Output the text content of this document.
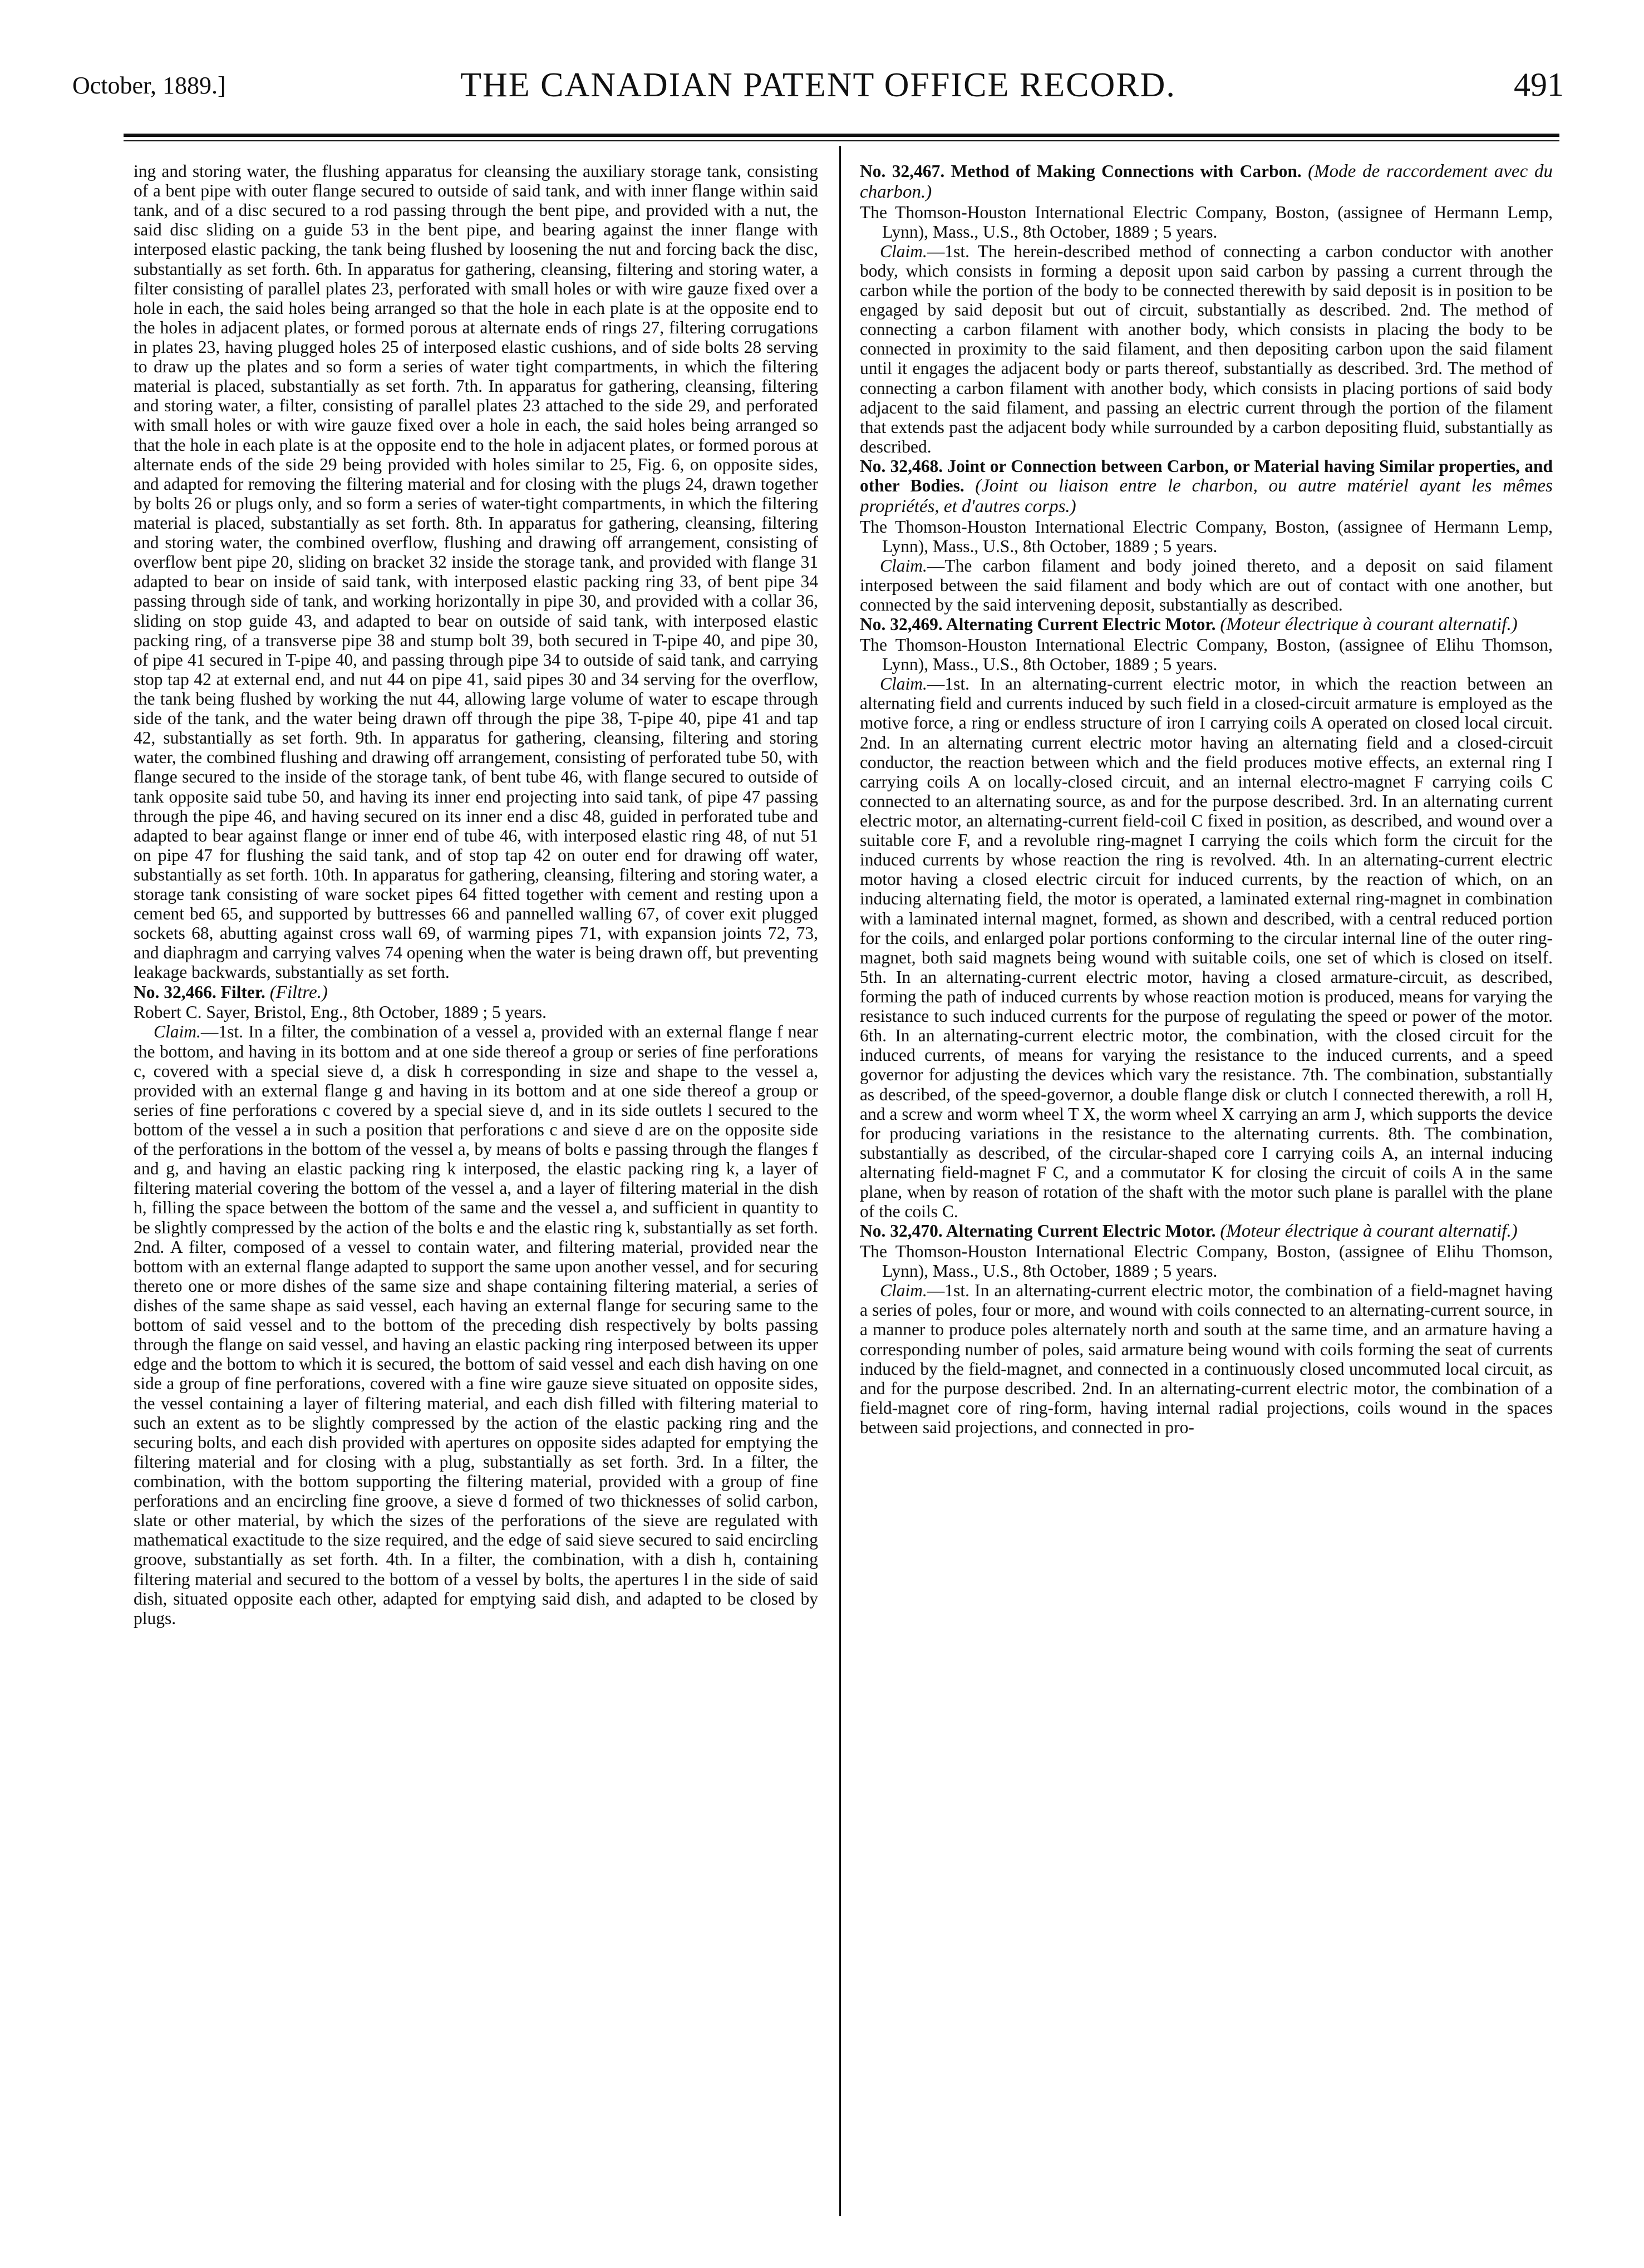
October, 1889.]	THE CANADIAN PATENT OFFICE RECORD.	491

ing and storing water, the flushing apparatus for cleansing the auxiliary storage tank, consisting of a bent pipe with outer flange secured to outside of said tank, and with inner flange within said tank, and of a disc secured to a rod passing through the bent pipe, and provided with a nut, the said disc sliding on a guide 53 in the bent pipe, and bearing against the inner flange with interposed elastic packing, the tank being flushed by loosening the nut and forcing back the disc, substantially as set forth. 6th. In apparatus for gathering, cleansing, filtering and storing water, a filter consisting of parallel plates 23, perforated with small holes or with wire gauze fixed over a hole in each, the said holes being arranged so that the hole in each plate is at the opposite end to the holes in adjacent plates, or formed porous at alternate ends of rings 27, filtering corrugations in plates 23, having plugged holes 25 of interposed elastic cushions, and of side bolts 28 serving to draw up the plates and so form a series of water tight compartments, in which the filtering material is placed, substantially as set forth. 7th. In apparatus for gathering, cleansing, filtering and storing water, a filter, consisting of parallel plates 23 attached to the side 29, and perforated with small holes or with wire gauze fixed over a hole in each, the said holes being arranged so that the hole in each plate is at the opposite end to the hole in adjacent plates, or formed porous at alternate ends of the side 29 being provided with holes similar to 25, Fig. 6, on opposite sides, and adapted for removing the filtering material and for closing with the plugs 24, drawn together by bolts 26 or plugs only, and so form a series of water-tight compartments, in which the filtering material is placed, substantially as set forth. 8th. In apparatus for gathering, cleansing, filtering and storing water, the combined overflow, flushing and drawing off arrangement, consisting of overflow bent pipe 20, sliding on bracket 32 inside the storage tank, and provided with flange 31 adapted to bear on inside of said tank, with interposed elastic packing ring 33, of bent pipe 34 passing through side of tank, and working horizontally in pipe 30, and provided with a collar 36, sliding on stop guide 43, and adapted to bear on outside of said tank, with interposed elastic packing ring, of a transverse pipe 38 and stump bolt 39, both secured in T-pipe 40, and pipe 30, of pipe 41 secured in T-pipe 40, and passing through pipe 34 to outside of said tank, and carrying stop tap 42 at external end, and nut 44 on pipe 41, said pipes 30 and 34 serving for the overflow, the tank being flushed by working the nut 44, allowing large volume of water to escape through side of the tank, and the water being drawn off through the pipe 38, T-pipe 40, pipe 41 and tap 42, substantially as set forth. 9th. In apparatus for gathering, cleansing, filtering and storing water, the combined flushing and drawing off arrangement, consisting of perforated tube 50, with flange secured to the inside of the storage tank, of bent tube 46, with flange secured to outside of tank opposite said tube 50, and having its inner end projecting into said tank, of pipe 47 passing through the pipe 46, and having secured on its inner end a disc 48, guided in perforated tube and adapted to bear against flange or inner end of tube 46, with interposed elastic ring 48, of nut 51 on pipe 47 for flushing the said tank, and of stop tap 42 on outer end for drawing off water, substantially as set forth. 10th. In apparatus for gathering, cleansing, filtering and storing water, a storage tank consisting of ware socket pipes 64 fitted together with cement and resting upon a cement bed 65, and supported by buttresses 66 and pannelled walling 67, of cover exit plugged sockets 68, abutting against cross wall 69, of warming pipes 71, with expansion joints 72, 73, and diaphragm and carrying valves 74 opening when the water is being drawn off, but preventing leakage backwards, substantially as set forth.

No. 32,466. Filter. (Filtre.)

Robert C. Sayer, Bristol, Eng., 8th October, 1889 ; 5 years.

Claim.—1st. In a filter, the combination of a vessel a, provided with an external flange f near the bottom, and having in its bottom and at one side thereof a group or series of fine perforations c, covered with a special sieve d, a disk h corresponding in size and shape to the vessel a, provided with an external flange g and having in its bottom and at one side thereof a group or series of fine perforations c covered by a special sieve d, and in its side outlets l secured to the bottom of the vessel a in such a position that perforations c and sieve d are on the opposite side of the perforations in the bottom of the vessel a, by means of bolts e passing through the flanges f and g, and having an elastic packing ring k interposed, the elastic packing ring k, a layer of filtering material covering the bottom of the vessel a, and a layer of filtering material in the dish h, filling the space between the bottom of the same and the vessel a, and sufficient in quantity to be slightly compressed by the action of the bolts e and the elastic ring k, substantially as set forth. 2nd. A filter, composed of a vessel to contain water, and filtering material, provided near the bottom with an external flange adapted to support the same upon another vessel, and for securing thereto one or more dishes of the same size and shape containing filtering material, a series of dishes of the same shape as said vessel, each having an external flange for securing same to the bottom of said vessel and to the bottom of the preceding dish respectively by bolts passing through the flange on said vessel, and having an elastic packing ring interposed between its upper edge and the bottom to which it is secured, the bottom of said vessel and each dish having on one side a group of fine perforations, covered with a fine wire gauze sieve situated on opposite sides, the vessel containing a layer of filtering material, and each dish filled with filtering material to such an extent as to be slightly compressed by the action of the elastic packing ring and the securing bolts, and each dish provided with apertures on opposite sides adapted for emptying the filtering material and for closing with a plug, substantially as set forth. 3rd. In a filter, the combination, with the bottom supporting the filtering material, provided with a group of fine perforations and an encircling fine groove, a sieve d formed of two thicknesses of solid carbon, slate or other material, by which the sizes of the perforations of the sieve are regulated with mathematical exactitude to the size required, and the edge of said sieve secured to said encircling groove, substantially as set forth. 4th. In a filter, the combination, with a dish h, containing filtering material and secured to the bottom of a vessel by bolts, the apertures l in the side of said dish, situated opposite each other, adapted for emptying said dish, and adapted to be closed by plugs.

No. 32,467. Method of Making Connections with Carbon. (Mode de raccordement avec du charbon.)

The Thomson-Houston International Electric Company, Boston, (assignee of Hermann Lemp, Lynn), Mass., U.S., 8th October, 1889 ; 5 years.

Claim.—1st. The herein-described method of connecting a carbon conductor with another body, which consists in forming a deposit upon said carbon by passing a current through the carbon while the portion of the body to be connected therewith by said deposit is in position to be engaged by said deposit but out of circuit, substantially as described. 2nd. The method of connecting a carbon filament with another body, which consists in placing the body to be connected in proximity to the said filament, and then depositing carbon upon the said filament until it engages the adjacent body or parts thereof, substantially as described. 3rd. The method of connecting a carbon filament with another body, which consists in placing portions of said body adjacent to the said filament, and passing an electric current through the portion of the filament that extends past the adjacent body while surrounded by a carbon depositing fluid, substantially as described.

No. 32,468. Joint or Connection between Carbon, or Material having Similar properties, and other Bodies. (Joint ou liaison entre le charbon, ou autre matériel ayant les mêmes propriétés, et d'autres corps.)

The Thomson-Houston International Electric Company, Boston, (assignee of Hermann Lemp, Lynn), Mass., U.S., 8th October, 1889 ; 5 years.

Claim.—The carbon filament and body joined thereto, and a deposit on said filament interposed between the said filament and body which are out of contact with one another, but connected by the said intervening deposit, substantially as described.

No. 32,469. Alternating Current Electric Motor. (Moteur électrique à courant alternatif.)

The Thomson-Houston International Electric Company, Boston, (assignee of Elihu Thomson, Lynn), Mass., U.S., 8th October, 1889 ; 5 years.

Claim.—1st. In an alternating-current electric motor, in which the reaction between an alternating field and currents induced by such field in a closed-circuit armature is employed as the motive force, a ring or endless structure of iron I carrying coils A operated on closed local circuit. 2nd. In an alternating current electric motor having an alternating field and a closed-circuit conductor, the reaction between which and the field produces motive effects, an external ring I carrying coils A on locally-closed circuit, and an internal electro-magnet F carrying coils C connected to an alternating source, as and for the purpose described. 3rd. In an alternating current electric motor, an alternating-current field-coil C fixed in position, as described, and wound over a suitable core F, and a revoluble ring-magnet I carrying the coils which form the circuit for the induced currents by whose reaction the ring is revolved. 4th. In an alternating-current electric motor having a closed electric circuit for induced currents, by the reaction of which, on an inducing alternating field, the motor is operated, a laminated external ring-magnet in combination with a laminated internal magnet, formed, as shown and described, with a central reduced portion for the coils, and enlarged polar portions conforming to the circular internal line of the outer ring-magnet, both said magnets being wound with suitable coils, one set of which is closed on itself. 5th. In an alternating-current electric motor, having a closed armature-circuit, as described, forming the path of induced currents by whose reaction motion is produced, means for varying the resistance to such induced currents for the purpose of regulating the speed or power of the motor. 6th. In an alternating-current electric motor, the combination, with the closed circuit for the induced currents, of means for varying the resistance to the induced currents, and a speed governor for adjusting the devices which vary the resistance. 7th. The combination, substantially as described, of the speed-governor, a double flange disk or clutch I connected therewith, a roll H, and a screw and worm wheel T X, the worm wheel X carrying an arm J, which supports the device for producing variations in the resistance to the alternating currents. 8th. The combination, substantially as described, of the circular-shaped core I carrying coils A, an internal inducing alternating field-magnet F C, and a commutator K for closing the circuit of coils A in the same plane, when by reason of rotation of the shaft with the motor such plane is parallel with the plane of the coils C.

No. 32,470. Alternating Current Electric Motor. (Moteur électrique à courant alternatif.)

The Thomson-Houston International Electric Company, Boston, (assignee of Elihu Thomson, Lynn), Mass., U.S., 8th October, 1889 ; 5 years.

Claim.—1st. In an alternating-current electric motor, the combination of a field-magnet having a series of poles, four or more, and wound with coils connected to an alternating-current source, in a manner to produce poles alternately north and south at the same time, and an armature having a corresponding number of poles, said armature being wound with coils forming the seat of currents induced by the field-magnet, and connected in a continuously closed uncommuted local circuit, as and for the purpose described. 2nd. In an alternating-current electric motor, the combination of a field-magnet core of ring-form, having internal radial projections, coils wound in the spaces between said projections, and connected in pro-
